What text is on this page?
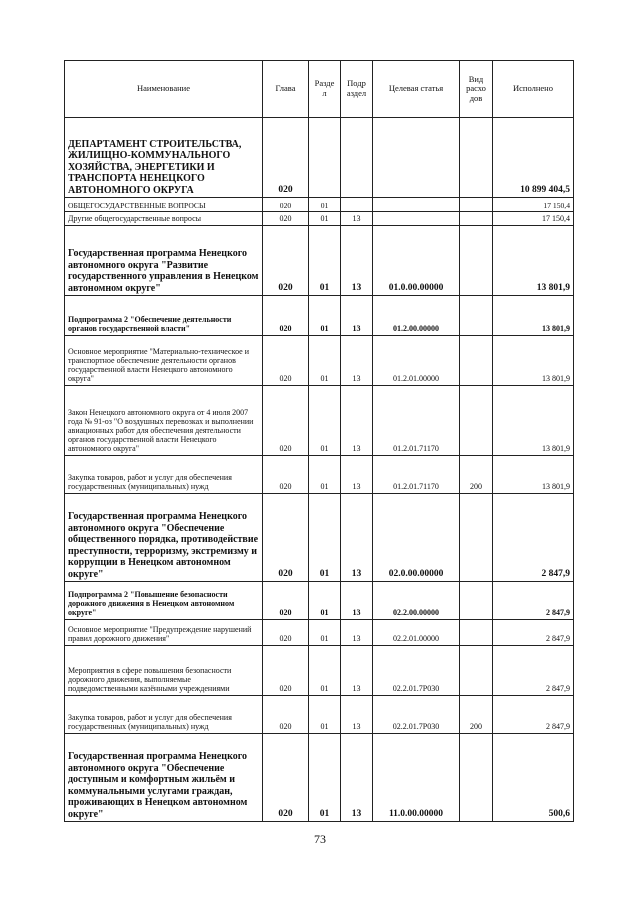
Наименование	Глава	Разде л	Подр аздел	Целевая статья	Вид расхо дов	Исполнено
ДЕПАРТАМЕНТ СТРОИТЕЛЬСТВА, ЖИЛИЩНО-КОММУНАЛЬНОГО ХОЗЯЙСТВА, ЭНЕРГЕТИКИ И ТРАНСПОРТА НЕНЕЦКОГО АВТОНОМНОГО ОКРУГА	020					10 899 404,5
ОБЩЕГОСУДАРСТВЕННЫЕ ВОПРОСЫ	020	01				17 150,4
Другие общегосударственные вопросы	020	01	13			17 150,4
Государственная программа Ненецкого автономного округа "Развитие государственного управления в Ненецком автономном округе"	020	01	13	01.0.00.00000		13 801,9
Подпрограмма 2 "Обеспечение деятельности органов государственной власти"	020	01	13	01.2.00.00000		13 801,9
Основное мероприятие "Материально-техническое и транспортное обеспечение деятельности органов государственной власти Ненецкого автономного округа"	020	01	13	01.2.01.00000		13 801,9
Закон Ненецкого автономного округа от 4 июля 2007 года № 91-оз "О воздушных перевозках и выполнении авиационных работ для обеспечения деятельности органов государственной власти Ненецкого автономного округа"	020	01	13	01.2.01.71170		13 801,9
Закупка товаров, работ и услуг для обеспечения государственных (муниципальных) нужд	020	01	13	01.2.01.71170	200	13 801,9
Государственная программа Ненецкого автономного округа "Обеспечение общественного порядка, противодействие преступности, терроризму, экстремизму и коррупции в Ненецком автономном округе"	020	01	13	02.0.00.00000		2 847,9
Подпрограмма 2 "Повышение безопасности дорожного движения в Ненецком автономном округе"	020	01	13	02.2.00.00000		2 847,9
Основное мероприятие "Предупреждение нарушений правил дорожного движения"	020	01	13	02.2.01.00000		2 847,9
Мероприятия в сфере повышения безопасности дорожного движения, выполняемые подведомственными казёнными учреждениями	020	01	13	02.2.01.7Р030		2 847,9
Закупка товаров, работ и услуг для обеспечения государственных (муниципальных) нужд	020	01	13	02.2.01.7Р030	200	2 847,9
Государственная программа Ненецкого автономного округа "Обеспечение доступным и комфортным жильём и коммунальными услугами граждан, проживающих в Ненецком автономном округе"	020	01	13	11.0.00.00000		500,6
73
